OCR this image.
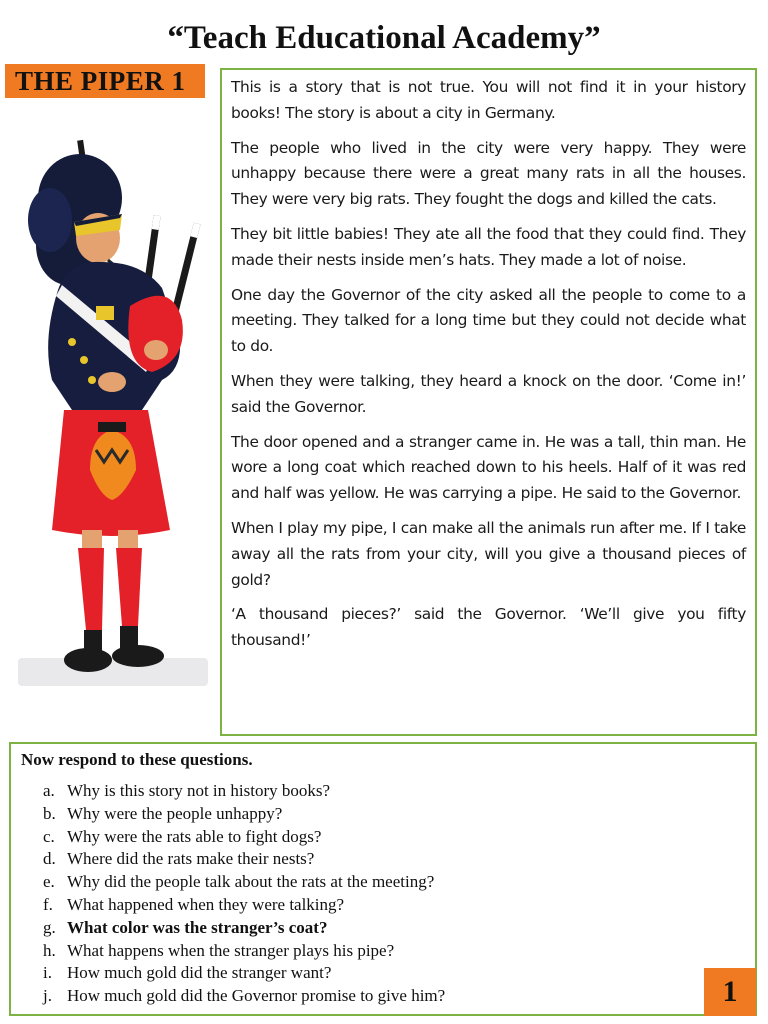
“Teach Educational Academy”
THE PIPER 1	This is a story that is not true. You will not find it in your history books! The story is about a city in Germany.

The people who lived in the city were very happy. They were unhappy because there were a great many rats in all the houses. They were very big rats. They fought the dogs and killed the cats.

They bit little babies! They ate all the food that they could find. They made their nests inside men’s hats. They made a lot of noise.

One day the Governor of the city asked all the people to come to a meeting. They talked for a long time but they could not decide what to do.

When they were talking, they heard a knock on the door. ‘Come in!’ said the Governor.

The door opened and a stranger came in. He was a tall, thin man. He wore a long coat which reached down to his heels. Half of it was red and half was yellow. He was carrying a pipe. He said to the Governor.

When I play my pipe, I can make all the animals run after me. If I take away all the rats from your city, will you give a thousand pieces of gold?

‘A thousand pieces?’ said the Governor. ‘We’ll give you fifty thousand!’

Now respond to these questions.
a. Why is this story not in history books?
b. Why were the people unhappy?
c. Why were the rats able to fight dogs?
d. Where did the rats make their nests?
e. Why did the people talk about the rats at the meeting?
f. What happened when they were talking?
g. What color was the stranger’s coat?
h. What happens when the stranger plays his pipe?
i. How much gold did the stranger want?
j. How much gold did the Governor promise to give him?	1
